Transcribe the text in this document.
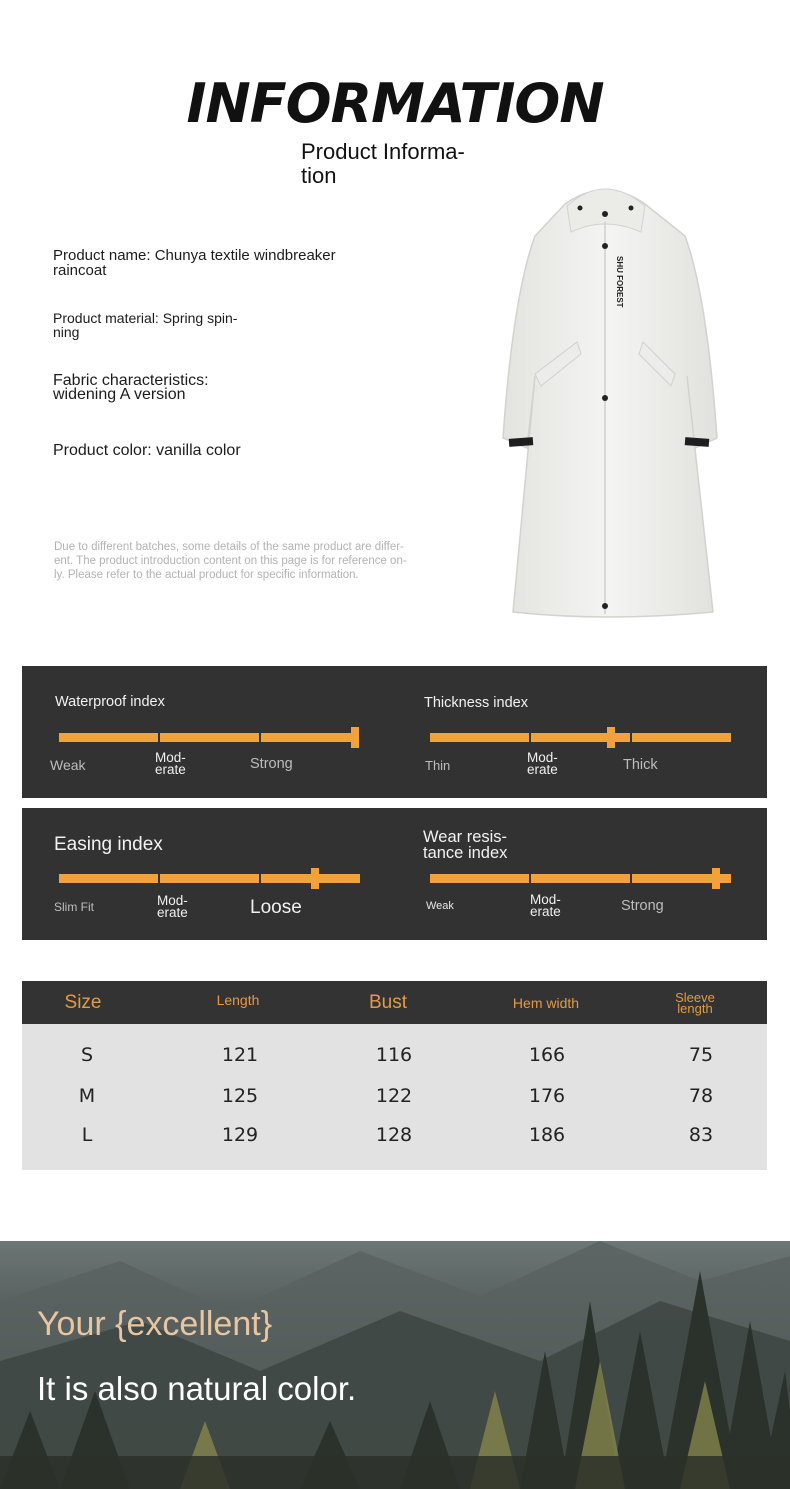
INFORMATION
Product Informa-
tion
Product name: Chunya textile windbreaker raincoat
Product material: Spring spin-
ning
Fabric characteristics:
widening A version
Product color: vanilla color
Due to different batches, some details of the same product are differ-
ent. The product introduction content on this page is for reference on-
ly. Please refer to the actual product for specific information.
SHU FOREST
Waterproof index
Weak	Mod-
erate	Strong
Thickness index
Thin
Mod-
erate	Thick
Easing index
Slim Fit	Mod-
erate	Loose
Wear resis-
tance index
Weak	Mod-
erate	Strong
Size	Length	Bust	Hem width	Sleeve
length
S	121	116	166	75
M	125	122	176	78
L	129	128	186	83
Your {excellent}
It is also natural color.
